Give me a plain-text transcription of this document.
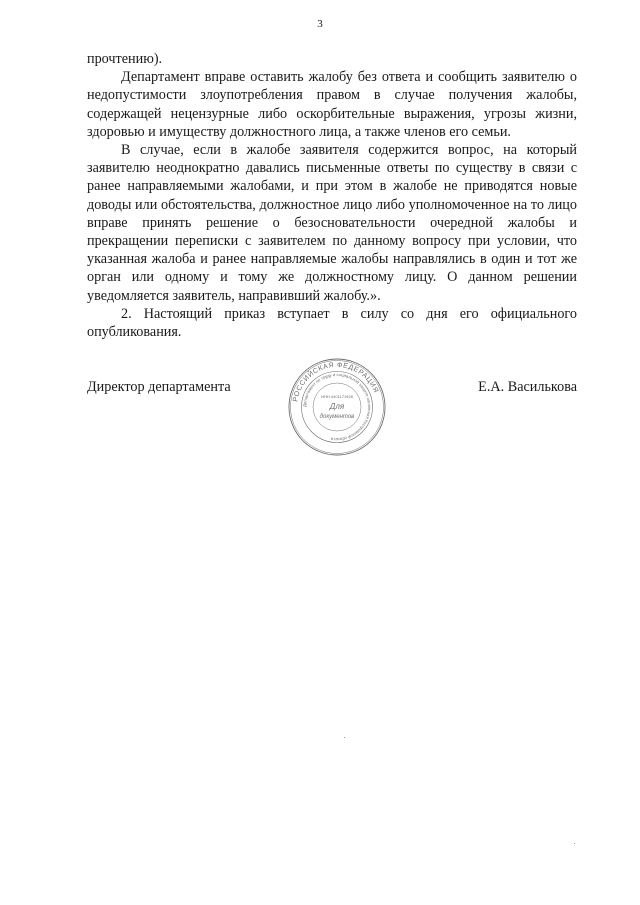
3

прочтению).

Департамент вправе оставить жалобу без ответа и сообщить заявителю о недопустимости злоупотребления правом в случае получения жалобы, содержащей нецензурные либо оскорбительные выражения, угрозы жизни, здоровью и имуществу должностного лица, а также членов его семьи.

В случае, если в жалобе заявителя содержится вопрос, на который заявителю неоднократно давались письменные ответы по существу в связи с ранее направляемыми жалобами, и при этом в жалобе не приводятся новые доводы или обстоятельства, должностное лицо либо уполномоченное на то лицо вправе принять решение о безосновательности очередной жалобы и прекращении переписки с заявителем по данному вопросу при условии, что указанная жалоба и ранее направляемые жалобы направлялись в один и тот же орган или одному и тому же должностному лицу. О данном решении уведомляется заявитель, направивший жалобу.».

2. Настоящий приказ вступает в силу со дня его официального опубликования.

Директор департамента	Е.А. Василькова
РОССИЙСКАЯ ФЕДЕРАЦИЯ
Департамент по труду и социальной защите населения Костромской области
ИНН 4401171928
Для
документов
